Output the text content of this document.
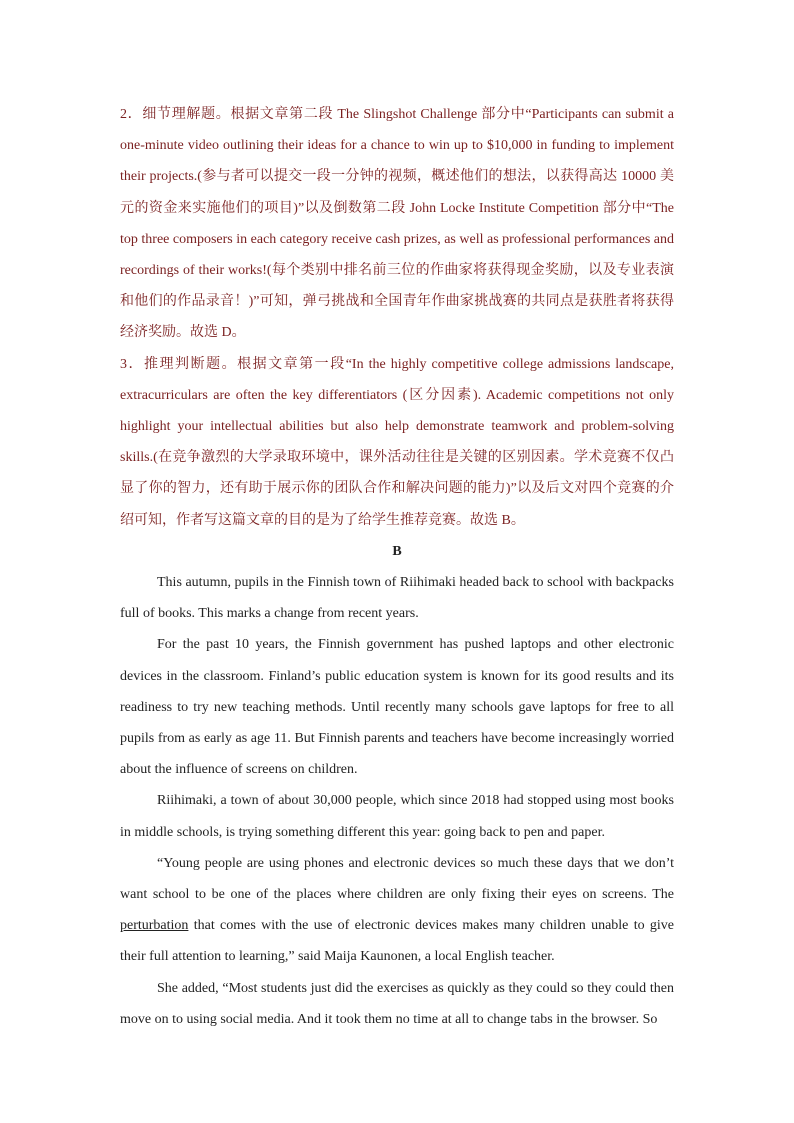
2．细节理解题。根据文章第二段 The Slingshot Challenge 部分中“Participants can submit a one-minute video outlining their ideas for a chance to win up to $10,000 in funding to implement their projects.(参与者可以提交一段一分钟的视频，概述他们的想法，以获得高达 10000 美元的资金来实施他们的项目)”以及倒数第二段 John Locke Institute Competition 部分中“The top three composers in each category receive cash prizes, as well as professional performances and recordings of their works!(每个类别中排名前三位的作曲家将获得现金奖励，以及专业表演和他们的作品录音！)”可知，弹弓挑战和全国青年作曲家挑战赛的共同点是获胜者将获得经济奖励。故选 D。

3．推理判断题。根据文章第一段“In the highly competitive college admissions landscape, extracurriculars are often the key differentiators (区分因素). Academic competitions not only highlight your intellectual abilities but also help demonstrate teamwork and problem-solving skills.(在竞争激烈的大学录取环境中，课外活动往往是关键的区别因素。学术竞赛不仅凸显了你的智力，还有助于展示你的团队合作和解决问题的能力)”以及后文对四个竞赛的介绍可知，作者写这篇文章的目的是为了给学生推荐竞赛。故选 B。

B

This autumn, pupils in the Finnish town of Riihimaki headed back to school with backpacks full of books. This marks a change from recent years.

For the past 10 years, the Finnish government has pushed laptops and other electronic devices in the classroom. Finland’s public education system is known for its good results and its readiness to try new teaching methods. Until recently many schools gave laptops for free to all pupils from as early as age 11. But Finnish parents and teachers have become increasingly worried about the influence of screens on children.

Riihimaki, a town of about 30,000 people, which since 2018 had stopped using most books in middle schools, is trying something different this year: going back to pen and paper.

“Young people are using phones and electronic devices so much these days that we don’t want school to be one of the places where children are only fixing their eyes on screens. The perturbation that comes with the use of electronic devices makes many children unable to give their full attention to learning,” said Maija Kaunonen, a local English teacher.

She added, “Most students just did the exercises as quickly as they could so they could then move on to using social media. And it took them no time at all to change tabs in the browser. So
